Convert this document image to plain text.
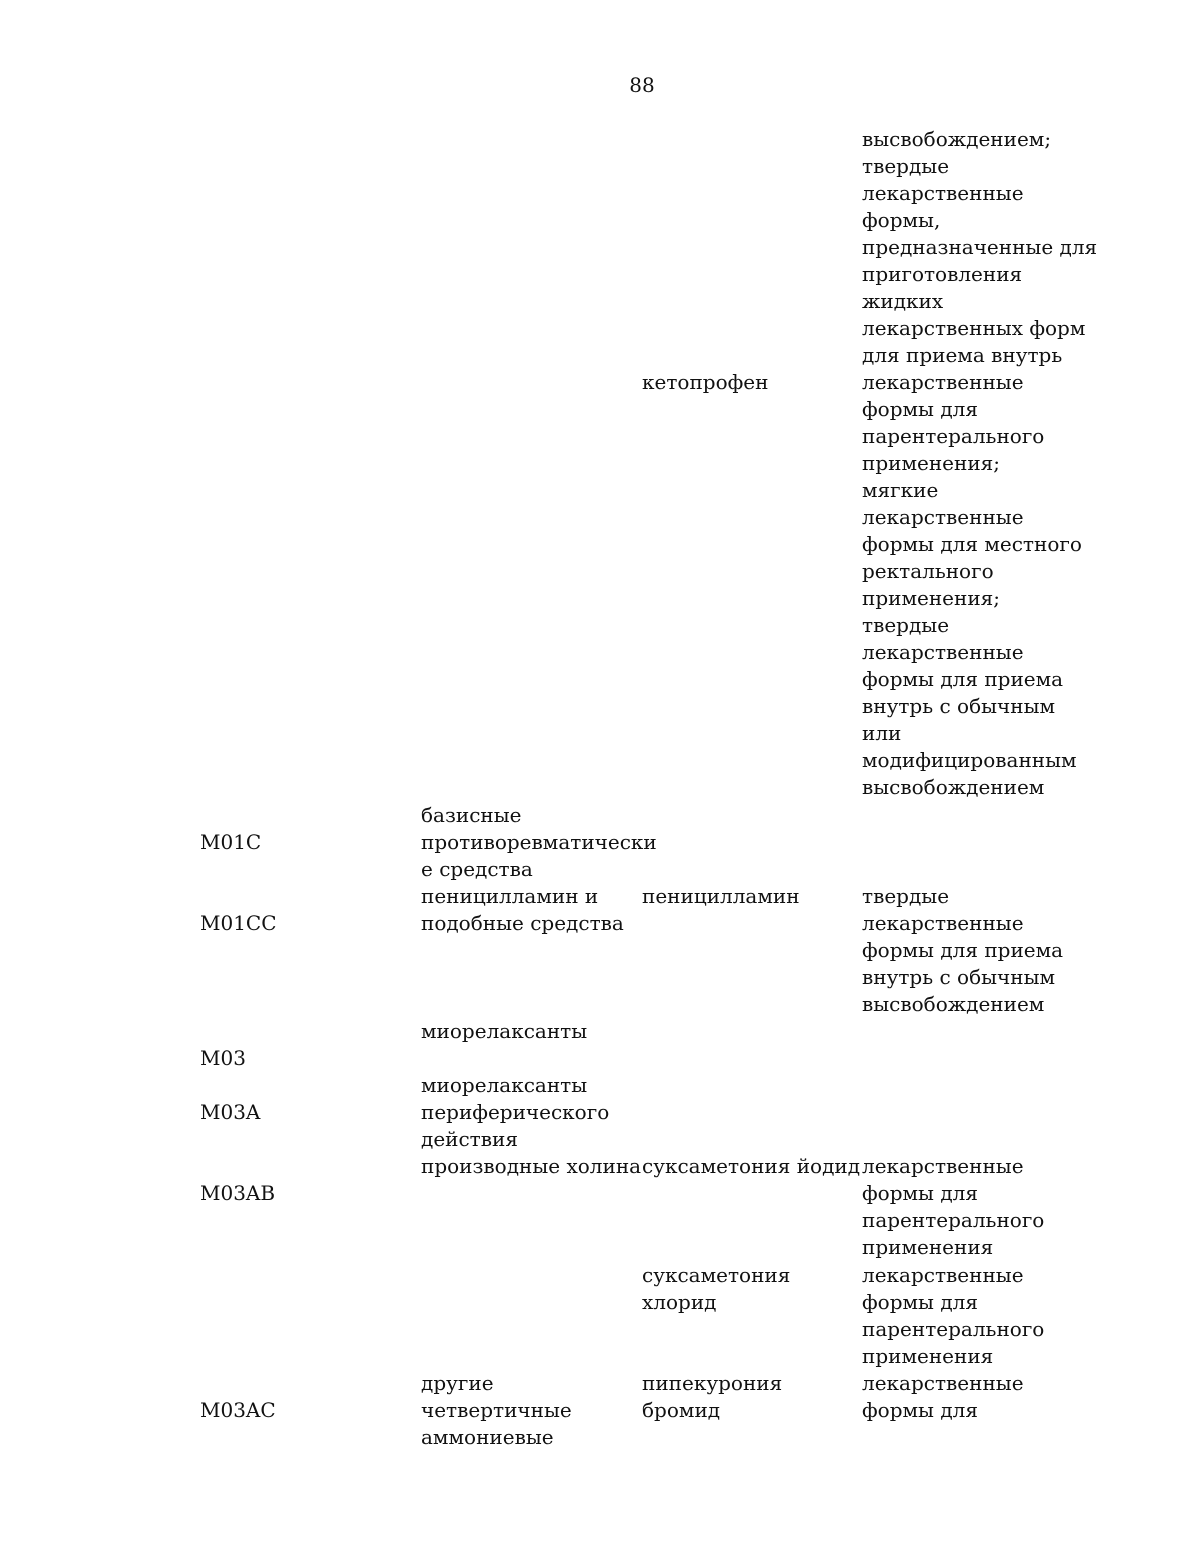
88

высвобождением;
твердые
лекарственные
формы,
предназначенные для
приготовления
жидких
лекарственных форм
для приема внутрь

кетопрофен	лекарственные
формы для
парентерального
применения;
мягкие
лекарственные
формы для местного
ректального
применения;
твердые
лекарственные
формы для приема
внутрь с обычным
или
модифицированным
высвобождением

M01C

базисные
противоревматически
е средства

M01CC

пеницилламин и
подобные средства

пеницилламин	твердые
лекарственные
формы для приема
внутрь с обычным
высвобождением

M03

миорелаксанты

M03A

миорелаксанты
периферического
действия

M03AB

производные холина суксаметония йодид лекарственные
формы для
парентерального
применения

суксаметония хлорид

лекарственные
формы для
парентерального
применения

M03AC

другие четвертичные
аммониевые

пипекурония бромид

лекарственные
формы для
